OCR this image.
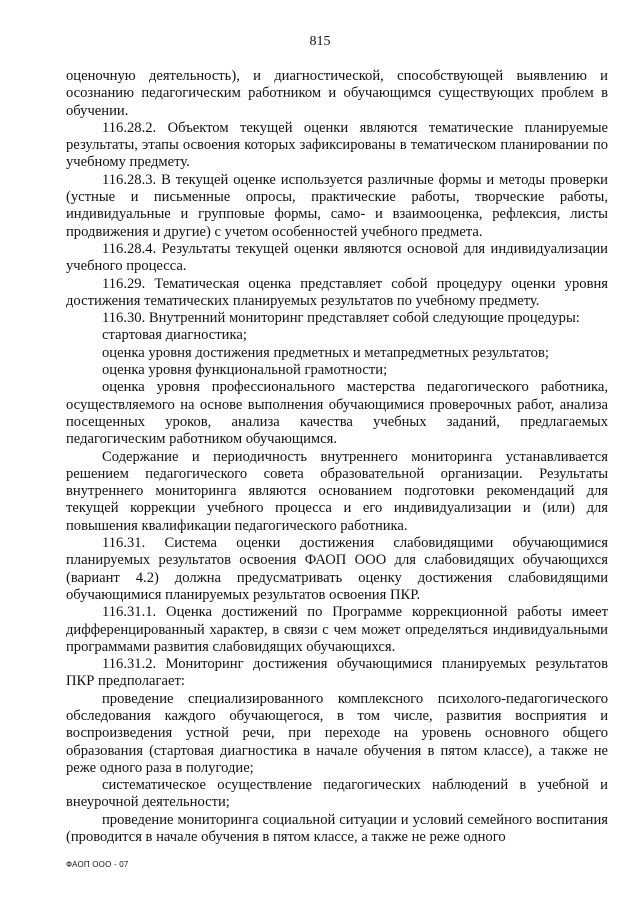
815

оценочную деятельность), и диагностической, способствующей выявлению и осознанию педагогическим работником и обучающимся существующих проблем в обучении.

116.28.2. Объектом текущей оценки являются тематические планируемые результаты, этапы освоения которых зафиксированы в тематическом планировании по учебному предмету.

116.28.3. В текущей оценке используется различные формы и методы проверки (устные и письменные опросы, практические работы, творческие работы, индивидуальные и групповые формы, само- и взаимооценка, рефлексия, листы продвижения и другие) с учетом особенностей учебного предмета.

116.28.4. Результаты текущей оценки являются основой для индивидуализации учебного процесса.

116.29. Тематическая оценка представляет собой процедуру оценки уровня достижения тематических планируемых результатов по учебному предмету.

116.30. Внутренний мониторинг представляет собой следующие процедуры:

стартовая диагностика;

оценка уровня достижения предметных и метапредметных результатов;

оценка уровня функциональной грамотности;

оценка уровня профессионального мастерства педагогического работника, осуществляемого на основе выполнения обучающимися проверочных работ, анализа посещенных уроков, анализа качества учебных заданий, предлагаемых педагогическим работником обучающимся.

Содержание и периодичность внутреннего мониторинга устанавливается решением педагогического совета образовательной организации. Результаты внутреннего мониторинга являются основанием подготовки рекомендаций для текущей коррекции учебного процесса и его индивидуализации и (или) для повышения квалификации педагогического работника.

116.31. Система оценки достижения слабовидящими обучающимися планируемых результатов освоения ФАОП ООО для слабовидящих обучающихся (вариант 4.2) должна предусматривать оценку достижения слабовидящими обучающимися планируемых результатов освоения ПКР.

116.31.1. Оценка достижений по Программе коррекционной работы имеет дифференцированный характер, в связи с чем может определяться индивидуальными программами развития слабовидящих обучающихся.

116.31.2. Мониторинг достижения обучающимися планируемых результатов ПКР предполагает:

проведение специализированного комплексного психолого-педагогического обследования каждого обучающегося, в том числе, развития восприятия и воспроизведения устной речи, при переходе на уровень основного общего образования (стартовая диагностика в начале обучения в пятом классе), а также не реже одного раза в полугодие;

систематическое осуществление педагогических наблюдений в учебной и внеурочной деятельности;

проведение мониторинга социальной ситуации и условий семейного воспитания (проводится в начале обучения в пятом классе, а также не реже одного

ФАОП ООО - 07
